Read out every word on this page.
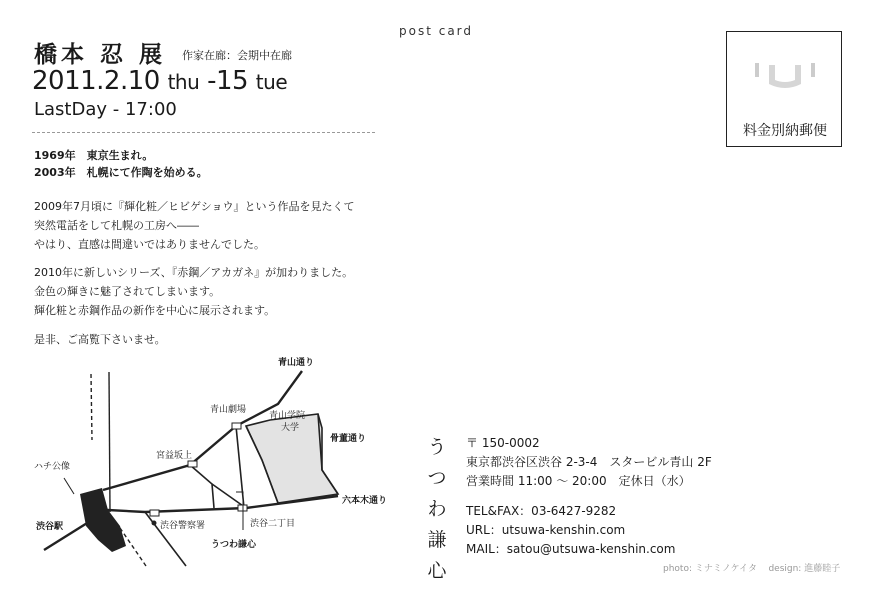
post card
橋本 忍 展 作家在廊：会期中在廊
2011.2.10 thu -15 tue
LastDay - 17:00
料金別納郵便
1969年　東京生まれ。
2003年　札幌にて作陶を始める。
2009年7月頃に『輝化粧／ヒビゲショウ』という作品を見たくて
突然電話をして札幌の工房へ――
やはり、直感は間違いではありませんでした。
2010年に新しいシリーズ、『赤鋼／アカガネ』が加わりました。
金色の輝きに魅了されてしまいます。
輝化粧と赤鋼作品の新作を中心に展示されます。
是非、ご高覧下さいませ。
青山通り
青山劇場
青山学院
大学
骨董通り
宮益坂上
ハチ公像
渋谷駅
六本木通り
渋谷警察署	渋谷二丁目
うつわ謙心
う
つ
わ
謙
心
〒 150-0002
東京都渋谷区渋谷 2-3-4　スタービル青山 2F
営業時間 11:00 〜 20:00　定休日（水）
TEL&FAX：03-6427-9282
URL：utsuwa-kenshin.com
MAIL：satou@utsuwa-kenshin.com
photo: ミナミノケイタ design: 進藤睦子
